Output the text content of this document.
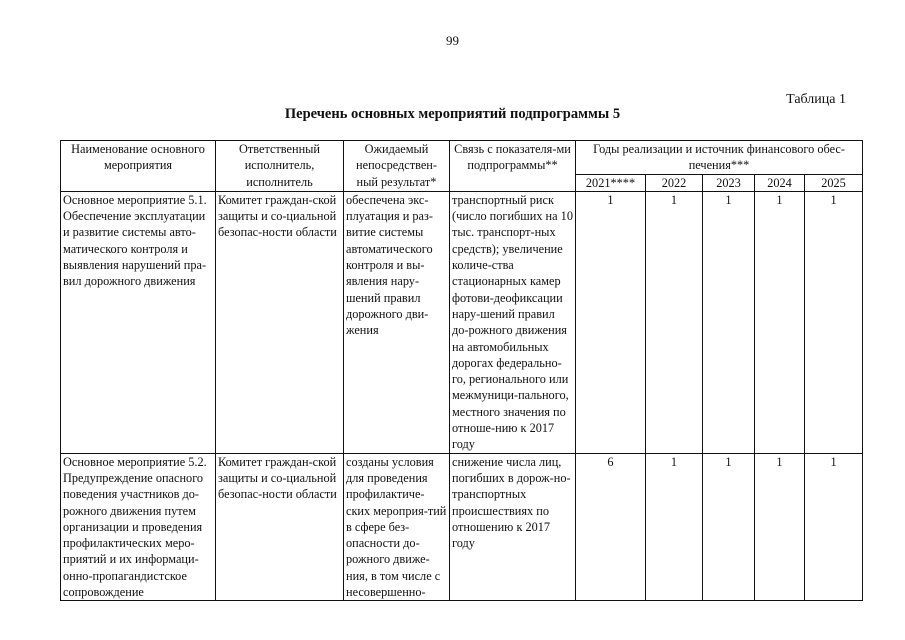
99
Таблица 1
Перечень основных мероприятий подпрограммы 5
Наименование основного мероприятия	Ответственный исполнитель, исполнитель	Ожидаемый непосредствен-ный результат*	Связь с показателя-ми подпрограммы**	Годы реализации и источник финансового обес-печения***				
				2021****	2022	2023	2024	2025
Основное мероприятие 5.1. Обеспечение эксплуатации и развитие системы авто-матического контроля и выявления нарушений пра-вил дорожного движения	Комитет граждан-ской защиты и со-циальной безопас-ности области	обеспечена экс-плуатация и раз-витие системы автоматического контроля и вы-явления нару-шений правил дорожного дви-жения	транспортный риск (число погибших на 10 тыс. транспорт-ных средств); увеличение количе-ства стационарных камер фотови-деофиксации нару-шений правил до-рожного движения на автомобильных дорогах федерально-го, регионального или межмуници-пального, местного значения по отноше-нию к 2017 году	1	1	1	1	1
Основное мероприятие 5.2. Предупреждение опасного поведения участников до-рожного движения путем организации и проведения профилактических меро-приятий и их информаци-онно-пропагандистское сопровождение	Комитет граждан-ской защиты и со-циальной безопас-ности области	созданы условия для проведения профилактиче-ских мероприя-тий в сфере без-опасности до-рожного движе-ния, в том числе с несовершенно-	снижение числа лиц, погибших в дорож-но-транспортных происшествиях по отношению к 2017 году	6	1	1	1	1
